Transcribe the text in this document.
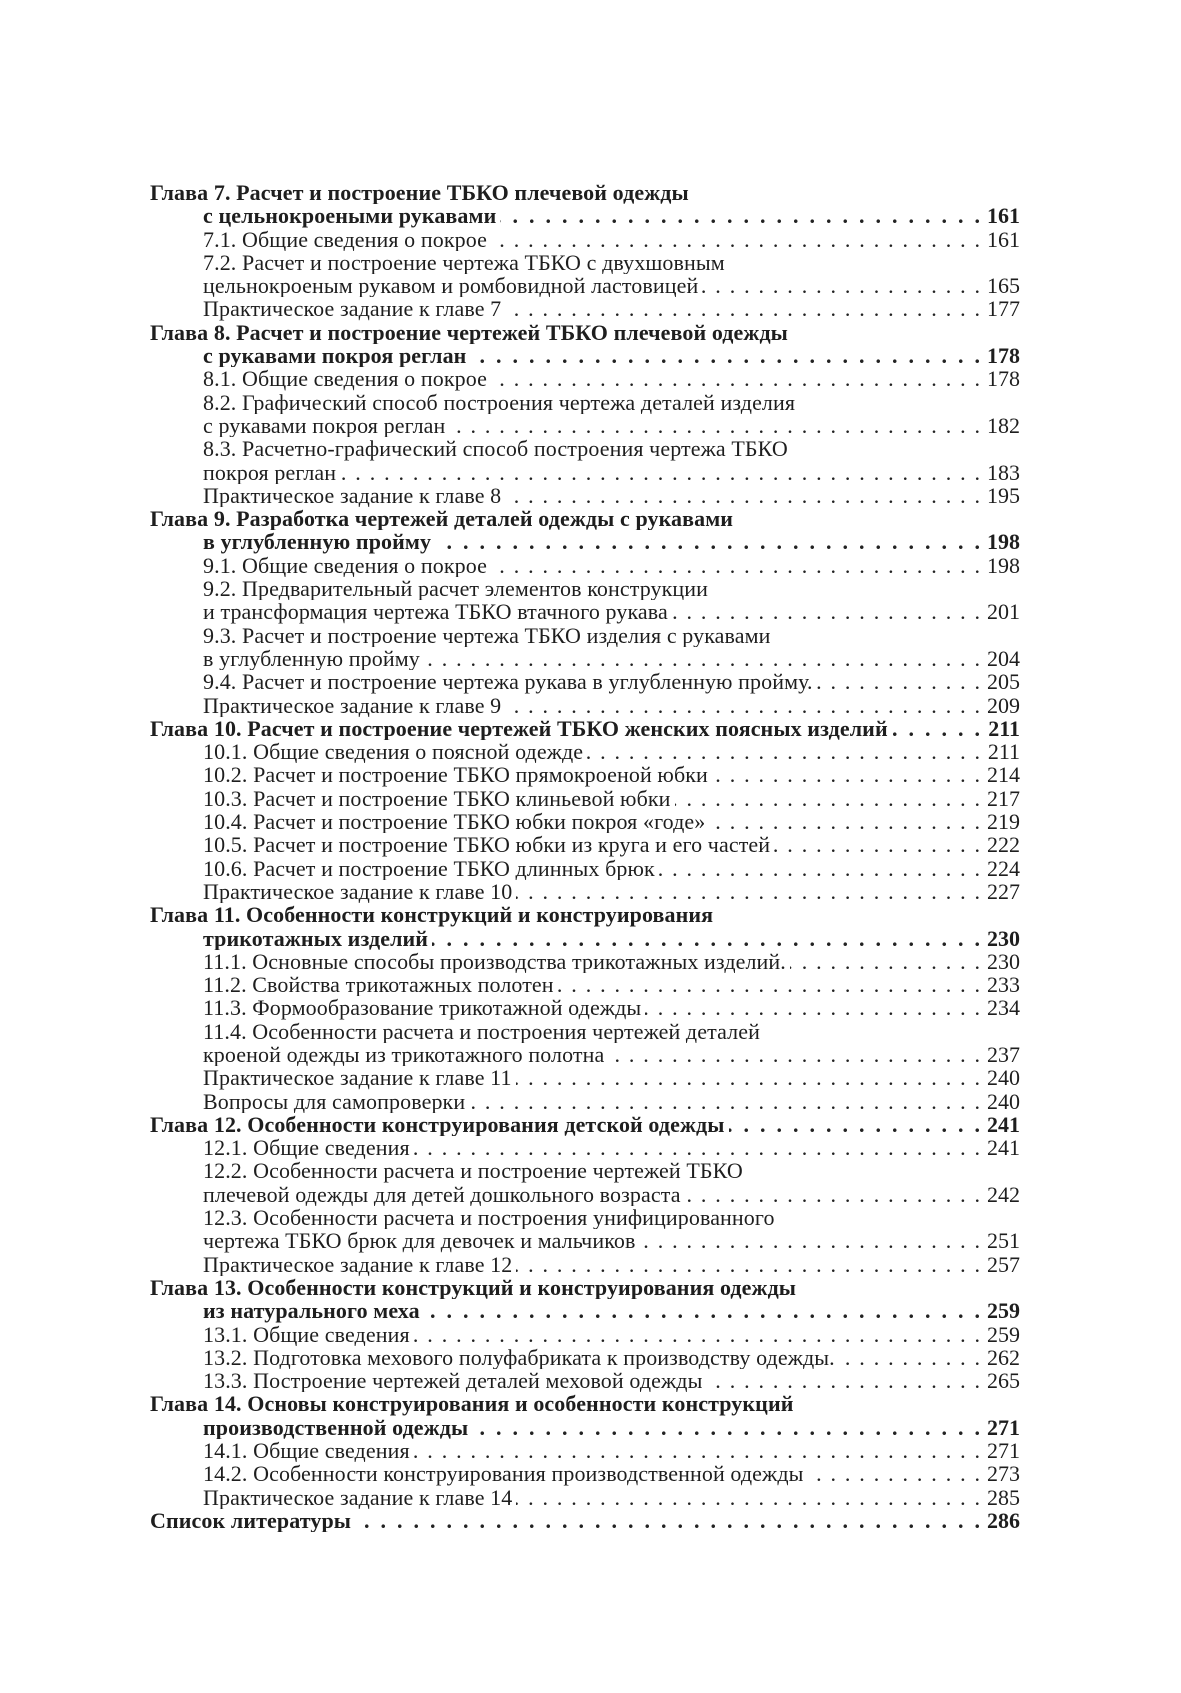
Глава 7. Расчет и построение ТБКО плечевой одежды
с цельнокроеными рукавами . . .	161
7.1. Общие сведения о покрое . . .	161
7.2. Расчет и построение чертежа ТБКО с двухшовным
цельнокроеным рукавом и ромбовидной ластовицей . . .	165
Практическое задание к главе 7 . . .	177
Глава 8. Расчет и построение чертежей ТБКО плечевой одежды
с рукавами покроя реглан . . .	178
8.1. Общие сведения о покрое . . .	178
8.2. Графический способ построения чертежа деталей изделия
с рукавами покроя реглан . . .	182
8.3. Расчетно-графический способ построения чертежа ТБКО
покроя реглан . . .	183
Практическое задание к главе 8 . . .	195
Глава 9. Разработка чертежей деталей одежды с рукавами
в углубленную пройму . . .	198
9.1. Общие сведения о покрое . . .	198
9.2. Предварительный расчет элементов конструкции
и трансформация чертежа ТБКО втачного рукава . . .	201
9.3. Расчет и построение чертежа ТБКО изделия с рукавами
в углубленную пройму . . .	204
9.4. Расчет и построение чертежа рукава в углубленную пройму. . . .	205
Практическое задание к главе 9 . . .	209
Глава 10. Расчет и построение чертежей ТБКО женских поясных изделий . . .	211
10.1. Общие сведения о поясной одежде . . .	211
10.2. Расчет и построение ТБКО прямокроеной юбки . . .	214
10.3. Расчет и построение ТБКО клиньевой юбки . . .	217
10.4. Расчет и построение ТБКО юбки покроя «годе» . . .	219
10.5. Расчет и построение ТБКО юбки из круга и его частей . . .	222
10.6. Расчет и построение ТБКО длинных брюк . . .	224
Практическое задание к главе 10 . . .	227
Глава 11. Особенности конструкций и конструирования
трикотажных изделий . . .	230
11.1. Основные способы производства трикотажных изделий. . . .	230
11.2. Свойства трикотажных полотен . . .	233
11.3. Формообразование трикотажной одежды . . .	234
11.4. Особенности расчета и построения чертежей деталей
кроеной одежды из трикотажного полотна . . .	237
Практическое задание к главе 11 . . .	240
Вопросы для самопроверки . . .	240
Глава 12. Особенности конструирования детской одежды . . .	241
12.1. Общие сведения . . .	241
12.2. Особенности расчета и построение чертежей ТБКО
плечевой одежды для детей дошкольного возраста . . .	242
12.3. Особенности расчета и построения унифицированного
чертежа ТБКО брюк для девочек и мальчиков . . .	251
Практическое задание к главе 12 . . .	257
Глава 13. Особенности конструкций и конструирования одежды
из натурального меха . . .	259
13.1. Общие сведения . . .	259
13.2. Подготовка мехового полуфабриката к производству одежды. . . .	262
13.3. Построение чертежей деталей меховой одежды . . .	265
Глава 14. Основы конструирования и особенности конструкций
производственной одежды . . .	271
14.1. Общие сведения . . .	271
14.2. Особенности конструирования производственной одежды . . .	273
Практическое задание к главе 14 . . .	285
Список литературы . . .	286
